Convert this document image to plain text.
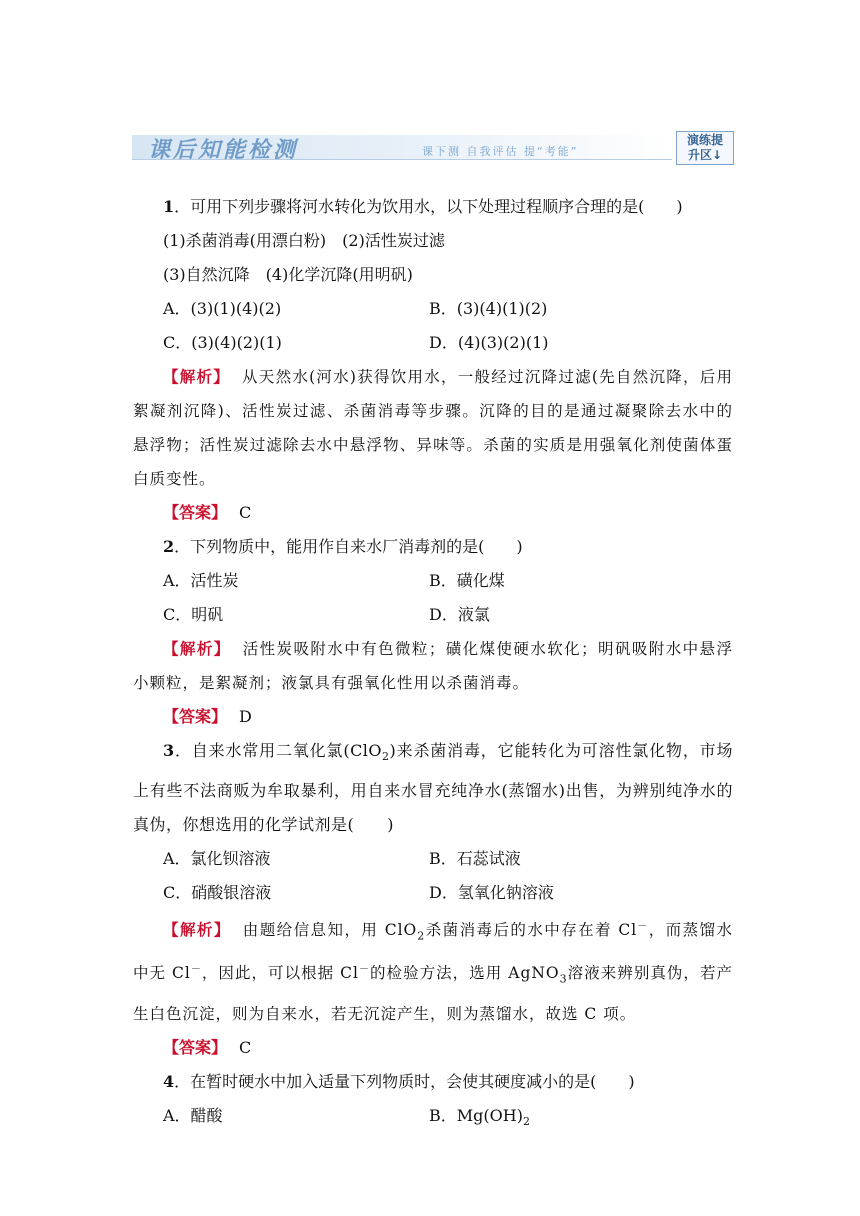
课后知能检测	课下测 自我评估 提“考能”
演练提
升区↓

1．可用下列步骤将河水转化为饮用水，以下处理过程顺序合理的是(　　)

(1)杀菌消毒(用漂白粉)　(2)活性炭过滤

(3)自然沉降　(4)化学沉降(用明矾)

A．(3)(1)(4)(2)	B．(3)(4)(1)(2)
C．(3)(4)(2)(1)	D．(4)(3)(2)(1)
【解析】 从天然水(河水)获得饮用水，一般经过沉降过滤(先自然沉降，后用絮凝剂沉降)、活性炭过滤、杀菌消毒等步骤。沉降的目的是通过凝聚除去水中的悬浮物；活性炭过滤除去水中悬浮物、异味等。杀菌的实质是用强氧化剂使菌体蛋白质变性。
【答案】 C

2．下列物质中，能用作自来水厂消毒剂的是(　　)

A．活性炭	B．磺化煤
C．明矾	D．液氯
【解析】 活性炭吸附水中有色微粒；磺化煤使硬水软化；明矾吸附水中悬浮小颗粒，是絮凝剂；液氯具有强氧化性用以杀菌消毒。
【答案】 D
3．自来水常用二氧化氯(ClO$_2$)来杀菌消毒，它能转化为可溶性氯化物，市场上有些不法商贩为牟取暴利，用自来水冒充纯净水(蒸馏水)出售，为辨别纯净水的真伪，你想选用的化学试剂是(　　)
A．氯化钡溶液	B．石蕊试液
C．硝酸银溶液	D．氢氧化钠溶液
【解析】 由题给信息知，用 ClO$_2$杀菌消毒后的水中存在着 Cl－，而蒸馏水中无 Cl－，因此，可以根据 Cl－的检验方法，选用 AgNO$_3$溶液来辨别真伪，若产生白色沉淀，则为自来水，若无沉淀产生，则为蒸馏水，故选 C 项。
【答案】 C

4．在暂时硬水中加入适量下列物质时，会使其硬度减小的是(　　)

A．醋酸	B．$Mg(OH)_2$
